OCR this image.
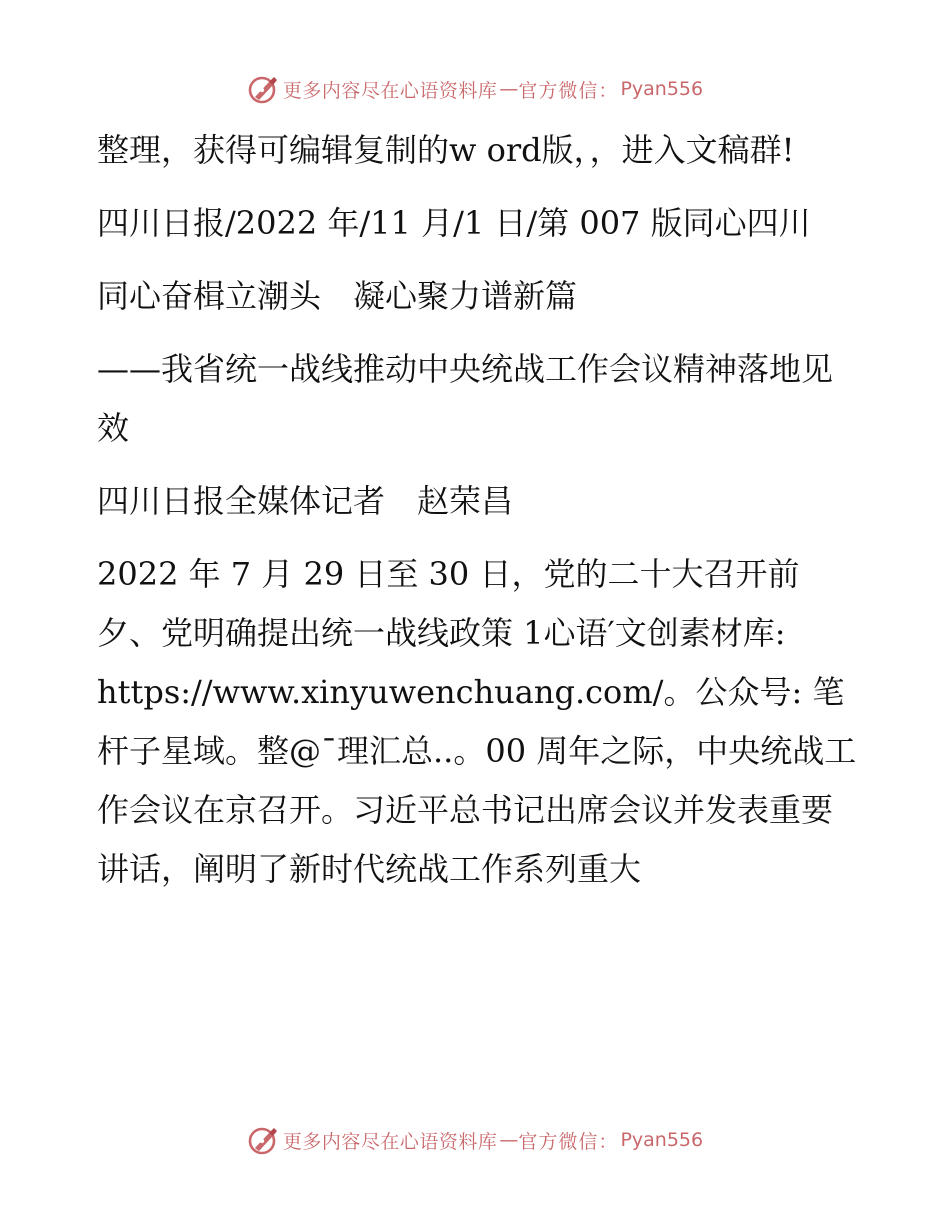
更多内容尽在心语资料库 — 官方微信： Pyan556

整理，获得可编辑复制的w ord版，，进入文稿群!

四川日报/2022 年/11 月/1 日/第 007 版同心四川

同心奋楫立潮头　凝心聚力谱新篇

——我省统一战线推动中央统战工作会议精神落地见效

四川日报全媒体记者　赵荣昌

2022 年 7 月 29 日至 30 日，党的二十大召开前夕、党明确提出统一战线政策 1心语′文创素材库: https://www.xinyuwenchuang.com/。公众号: 笔杆子星域。整@¯理汇总..。00 周年之际，中央统战工作会议在京召开。习近平总书记出席会议并发表重要讲话，阐明了新时代统战工作系列重大

更多内容尽在心语资料库 — 官方微信： Pyan556
